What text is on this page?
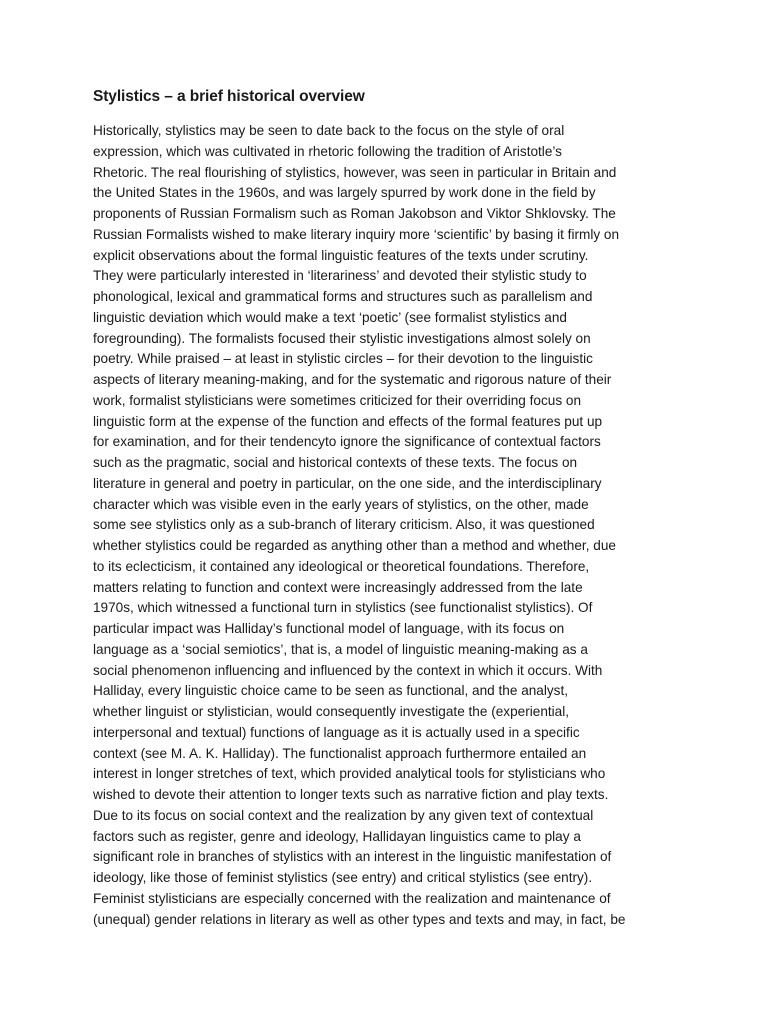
Stylistics – a brief historical overview

Historically, stylistics may be seen to date back to the focus on the style of oral
expression, which was cultivated in rhetoric following the tradition of Aristotle’s
Rhetoric. The real flourishing of stylistics, however, was seen in particular in Britain and
the United States in the 1960s, and was largely spurred by work done in the field by
proponents of Russian Formalism such as Roman Jakobson and Viktor Shklovsky. The
Russian Formalists wished to make literary inquiry more ‘scientific’ by basing it firmly on
explicit observations about the formal linguistic features of the texts under scrutiny.
They were particularly interested in ‘literariness’ and devoted their stylistic study to
phonological, lexical and grammatical forms and structures such as parallelism and
linguistic deviation which would make a text ‘poetic’ (see formalist stylistics and
foregrounding). The formalists focused their stylistic investigations almost solely on
poetry. While praised – at least in stylistic circles – for their devotion to the linguistic
aspects of literary meaning-making, and for the systematic and rigorous nature of their
work, formalist stylisticians were sometimes criticized for their overriding focus on
linguistic form at the expense of the function and effects of the formal features put up
for examination, and for their tendencyto ignore the significance of contextual factors
such as the pragmatic, social and historical contexts of these texts. The focus on
literature in general and poetry in particular, on the one side, and the interdisciplinary
character which was visible even in the early years of stylistics, on the other, made
some see stylistics only as a sub-branch of literary criticism. Also, it was questioned
whether stylistics could be regarded as anything other than a method and whether, due
to its eclecticism, it contained any ideological or theoretical foundations. Therefore,
matters relating to function and context were increasingly addressed from the late
1970s, which witnessed a functional turn in stylistics (see functionalist stylistics). Of
particular impact was Halliday’s functional model of language, with its focus on
language as a ‘social semiotics’, that is, a model of linguistic meaning-making as a
social phenomenon influencing and influenced by the context in which it occurs. With
Halliday, every linguistic choice came to be seen as functional, and the analyst,
whether linguist or stylistician, would consequently investigate the (experiential,
interpersonal and textual) functions of language as it is actually used in a specific
context (see M. A. K. Halliday). The functionalist approach furthermore entailed an
interest in longer stretches of text, which provided analytical tools for stylisticians who
wished to devote their attention to longer texts such as narrative fiction and play texts.
Due to its focus on social context and the realization by any given text of contextual
factors such as register, genre and ideology, Hallidayan linguistics came to play a
significant role in branches of stylistics with an interest in the linguistic manifestation of
ideology, like those of feminist stylistics (see entry) and critical stylistics (see entry).
Feminist stylisticians are especially concerned with the realization and maintenance of
(unequal) gender relations in literary as well as other types and texts and may, in fact, be
